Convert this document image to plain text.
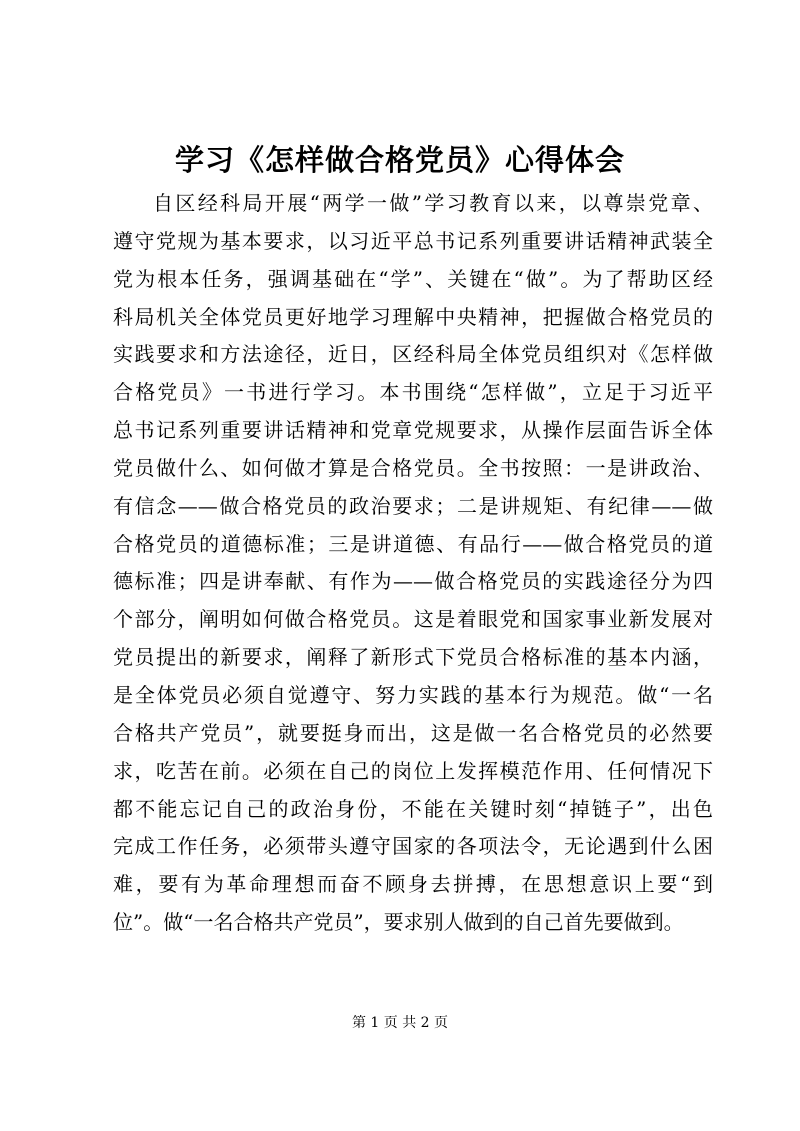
学习《怎样做合格党员》心得体会
自区经科局开展“两学一做”学习教育以来，以尊崇党章、
遵守党规为基本要求，以习近平总书记系列重要讲话精神武装全
党为根本任务，强调基础在“学”、关键在“做”。为了帮助区经
科局机关全体党员更好地学习理解中央精神，把握做合格党员的
实践要求和方法途径，近日，区经科局全体党员组织对《怎样做
合格党员》一书进行学习。本书围绕“怎样做”，立足于习近平
总书记系列重要讲话精神和党章党规要求，从操作层面告诉全体
党员做什么、如何做才算是合格党员。全书按照：一是讲政治、
有信念——做合格党员的政治要求；二是讲规矩、有纪律——做
合格党员的道德标准；三是讲道德、有品行——做合格党员的道
德标准；四是讲奉献、有作为——做合格党员的实践途径分为四
个部分，阐明如何做合格党员。这是着眼党和国家事业新发展对
党员提出的新要求，阐释了新形式下党员合格标准的基本内涵，
是全体党员必须自觉遵守、努力实践的基本行为规范。做“一名
合格共产党员”，就要挺身而出，这是做一名合格党员的必然要
求，吃苦在前。必须在自己的岗位上发挥模范作用、任何情况下
都不能忘记自己的政治身份，不能在关键时刻“掉链子”，出色
完成工作任务，必须带头遵守国家的各项法令，无论遇到什么困
难，要有为革命理想而奋不顾身去拼搏，在思想意识上要“到
位”。做“一名合格共产党员”，要求别人做到的自己首先要做到。
第 1 页 共 2 页
